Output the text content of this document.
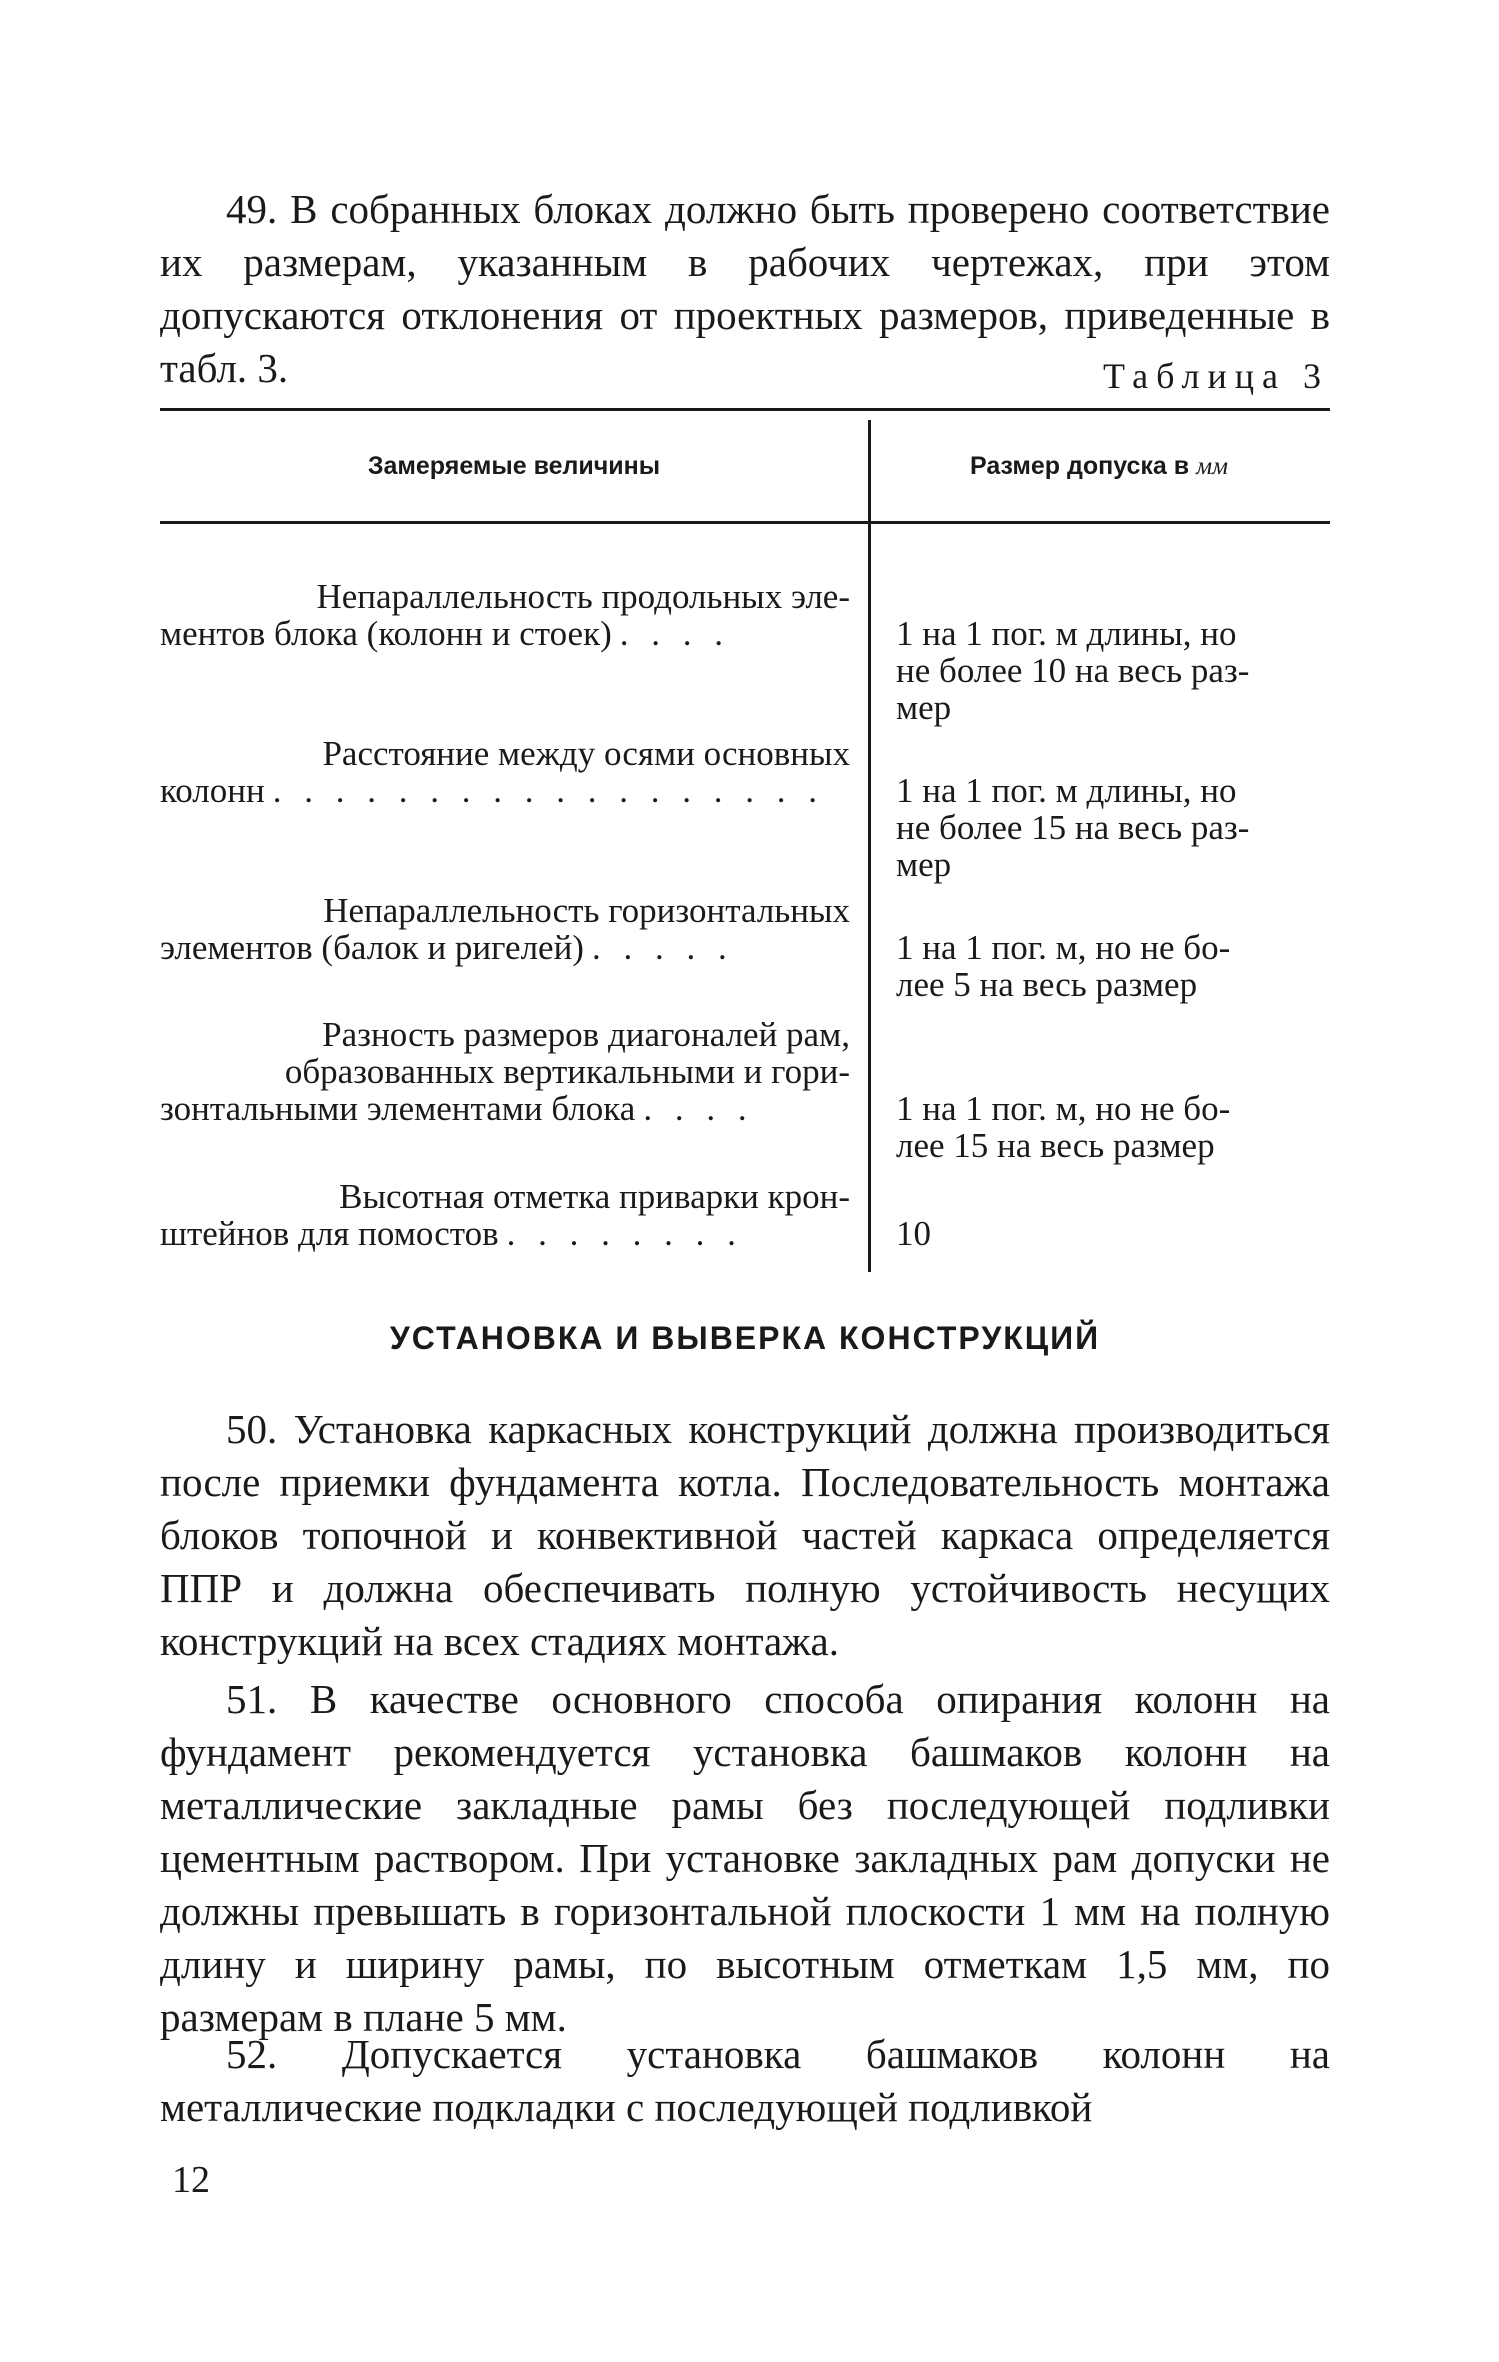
49. В собранных блоках должно быть проверено соответствие их размерам, указанным в рабочих чертежах, при этом допускаются отклонения от проектных размеров, приведенные в табл. 3.	Таблица 3
Замеряемые величины	Размер допуска в мм
Непараллельность продольных эле-
ментов блока (колонн и стоек) . . . .	1 на 1 пог. м длины, но
не более 10 на весь раз-
мер
Расстояние между осями основных
колонн . . . . . . . . . . . . . . . . . . 1 на 1 пог. м длины, но
не более 15 на весь раз-
мер
Непараллельность горизонтальных
элементов (балок и ригелей) . . . . .	1 на 1 пог. м, но не бо-
лее 5 на весь размер
Разность размеров диагоналей рам,
образованных вертикальными и гори-
зонтальными элементами блока . . . .	1 на 1 пог. м, но не бо-
лее 15 на весь размер
Высотная отметка приварки крон-
штейнов для помостов . . . . . . . .	10
УСТАНОВКА И ВЫВЕРКА КОНСТРУКЦИЙ

50. Установка каркасных конструкций должна производиться после приемки фундамента котла. Последовательность монтажа блоков топочной и конвективной частей каркаса определяется ППР и должна обеспечивать полную устойчивость несущих конструкций на всех стадиях монтажа.

51. В качестве основного способа опирания колонн на фундамент рекомендуется установка башмаков колонн на металлические закладные рамы без последующей подливки цементным раствором. При установке закладных рам допуски не должны превышать в горизонтальной плоскости 1 мм на полную длину и ширину рамы, по высотным отметкам 1,5 мм, по размерам в плане 5 мм.

52. Допускается установка башмаков колонн на металлические подкладки с последующей подливкой

12
